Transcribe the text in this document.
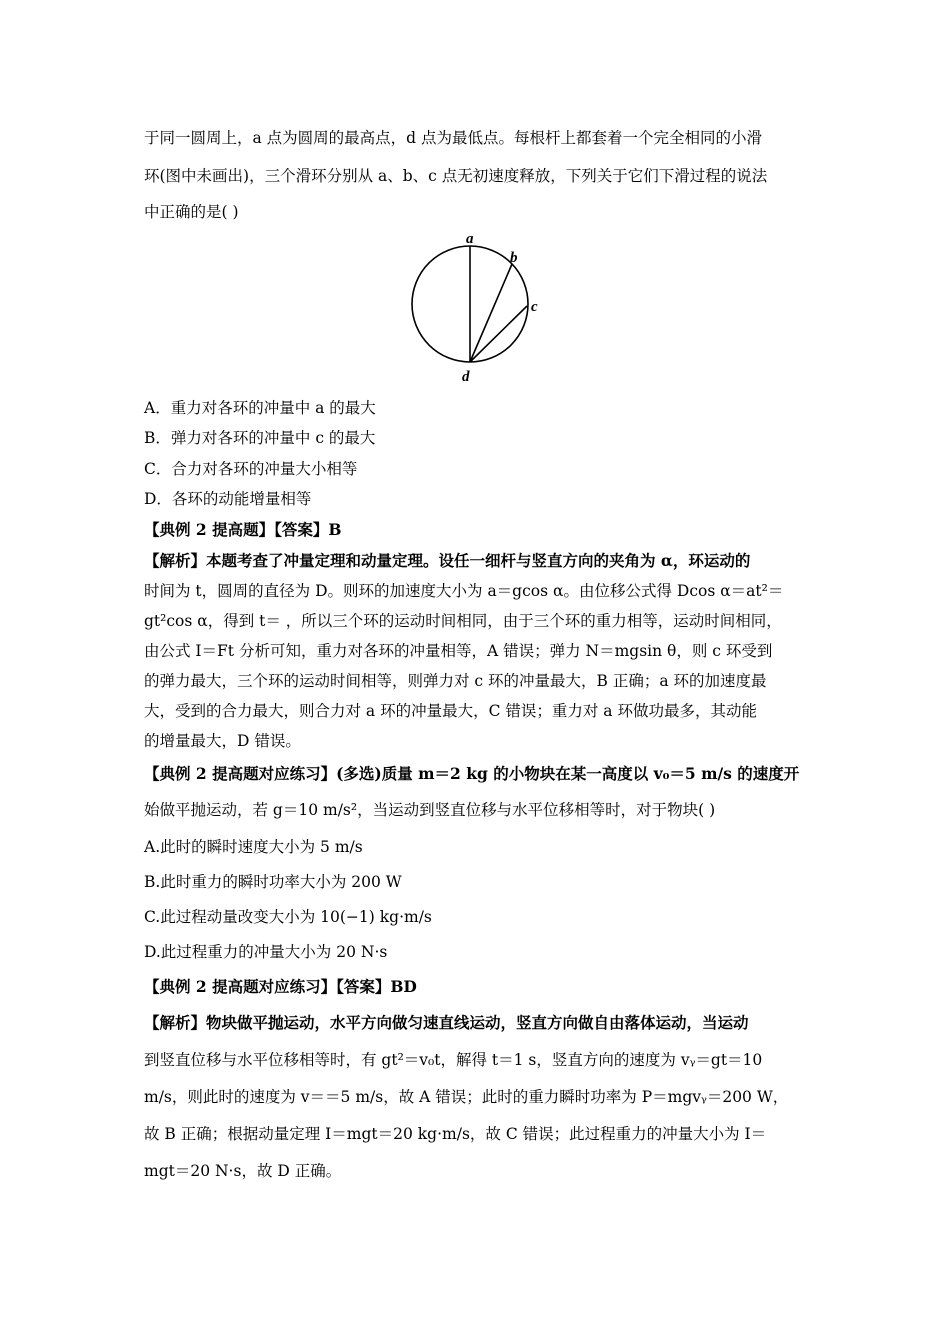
于同一圆周上，a 点为圆周的最高点，d 点为最低点。每根杆上都套着一个完全相同的小滑
环(图中未画出)，三个滑环分别从 a、b、c 点无初速度释放，下列关于它们下滑过程的说法
中正确的是( )
A．重力对各环的冲量中 a 的最大
B．弹力对各环的冲量中 c 的最大
C．合力对各环的冲量大小相等
D．各环的动能增量相等
【典例 2 提高题】【答案】B
【解析】本题考查了冲量定理和动量定理。设任一细杆与竖直方向的夹角为 α，环运动的
时间为 t，圆周的直径为 D。则环的加速度大小为 a＝gcos α。由位移公式得 Dcos α＝at²＝
gt²cos α，得到 t＝ ，所以三个环的运动时间相同，由于三个环的重力相等，运动时间相同，
由公式 I＝Ft 分析可知，重力对各环的冲量相等，A 错误；弹力 N＝mgsin θ，则 c 环受到
的弹力最大，三个环的运动时间相等，则弹力对 c 环的冲量最大，B 正确；a 环的加速度最
大，受到的合力最大，则合力对 a 环的冲量最大，C 错误；重力对 a 环做功最多，其动能
的增量最大，D 错误。
【典例 2 提高题对应练习】(多选)质量 m＝2 kg 的小物块在某一高度以 v₀＝5 m/s 的速度开
始做平抛运动，若 g＝10 m/s²，当运动到竖直位移与水平位移相等时，对于物块( )
A.此时的瞬时速度大小为 5 m/s
B.此时重力的瞬时功率大小为 200 W
C.此过程动量改变大小为 10(−1) kg·m/s
D.此过程重力的冲量大小为 20 N·s
【典例 2 提高题对应练习】【答案】BD
【解析】物块做平抛运动，水平方向做匀速直线运动，竖直方向做自由落体运动，当运动
到竖直位移与水平位移相等时，有 gt²＝v₀t，解得 t＝1 s，竖直方向的速度为 vᵧ＝gt＝10
m/s，则此时的速度为 v＝＝5 m/s，故 A 错误；此时的重力瞬时功率为 P＝mgvᵧ＝200 W，
故 B 正确；根据动量定理 I＝mgt＝20 kg·m/s，故 C 错误；此过程重力的冲量大小为 I＝
mgt＝20 N·s，故 D 正确。
a
b
c
d
